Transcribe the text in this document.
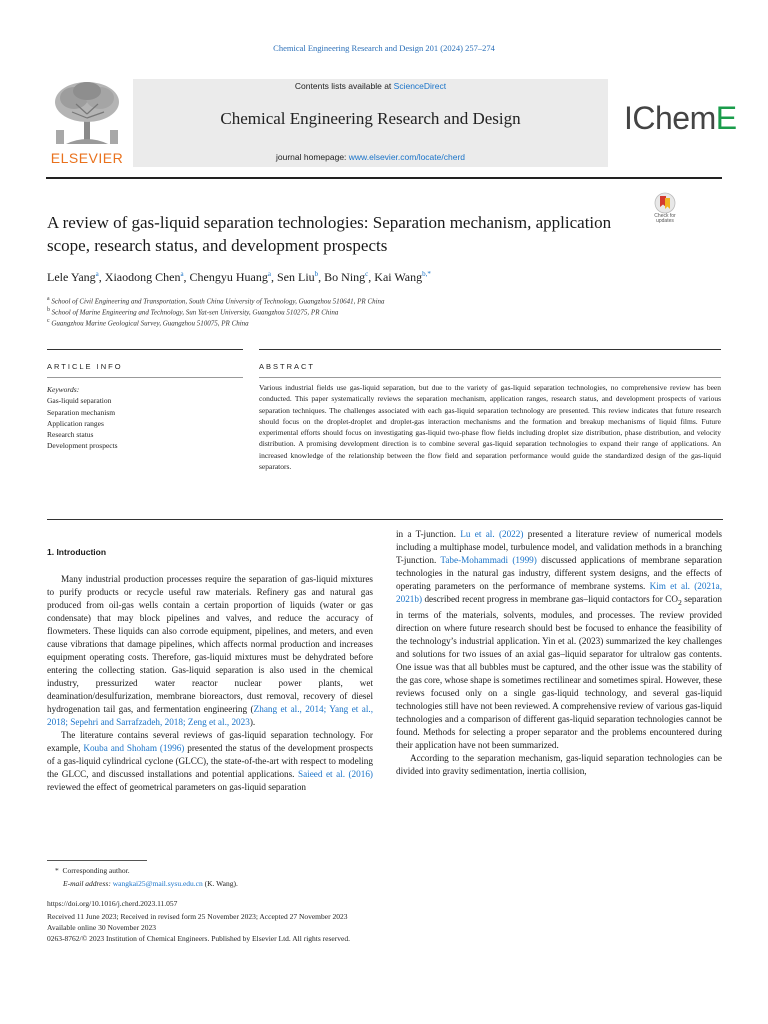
Chemical Engineering Research and Design 201 (2024) 257–274
ELSEVIER
Contents lists available at ScienceDirect
Chemical Engineering Research and Design
journal homepage: www.elsevier.com/locate/cherd
IChemE
Check for updates
A review of gas-liquid separation technologies: Separation mechanism, application scope, research status, and development prospects
Lele Yang$^a$, Xiaodong Chen$^a$, Chengyu Huang$^a$, Sen Liu$^b$, Bo Ning$^c$, Kai Wang$^{b,*}$
$^a$ School of Civil Engineering and Transportation, South China University of Technology, Guangzhou 510641, PR China
$^b$ School of Marine Engineering and Technology, Sun Yat-sen University, Guangzhou 510275, PR China
$^c$ Guangzhou Marine Geological Survey, Guangzhou 510075, PR China
ARTICLE INFO	ABSTRACT
Keywords:
Gas-liquid separation
Separation mechanism
Application ranges
Research status
Development prospects
Various industrial fields use gas-liquid separation, but due to the variety of gas-liquid separation technologies, no comprehensive review has been conducted. This paper systematically reviews the separation mechanism, application ranges, research status, and development prospects of various separation techniques. The challenges associated with each gas-liquid separation technology are presented. This review indicates that future research should focus on the droplet-droplet and droplet-gas interaction mechanisms and the formation and breakup mechanisms of liquid films. Future experimental efforts should focus on investigating gas-liquid two-phase flow fields including droplet size distribution, phase distribution, and velocity distribution. A promising development direction is to combine several gas-liquid separation technologies to expand their range of applications. An increased knowledge of the relationship between the flow field and separation performance would guide the standardized design of the gas-liquid separators.
1. Introduction

Many industrial production processes require the separation of gas-liquid mixtures to purify products or recycle useful raw materials. Refinery gas and natural gas produced from oil-gas wells contain a certain proportion of liquids (water or gas condensate) that may block pipelines and valves, and reduce the accuracy of flowmeters. These liquids can also corrode equipment, pipelines, and meters, and even cause vibrations that damage pipelines, which affects normal production and increases equipment operating costs. Therefore, gas-liquid mixtures must be dehydrated before entering the collecting station. Gas-liquid separation is also used in the chemical industry, pressurized water reactor nuclear power plants, wet deamination/desulfurization, membrane bioreactors, dust removal, recovery of diesel hydrogenation tail gas, and fermentation engineering (Zhang et al., 2014; Yang et al., 2018; Sepehri and Sarrafzadeh, 2018; Zeng et al., 2023).

The literature contains several reviews of gas-liquid separation technology. For example, Kouba and Shoham (1996) presented the status of the development prospects of a gas-liquid cylindrical cyclone (GLCC), the state-of-the-art with respect to modeling the GLCC, and discussed installations and potential applications. Saieed et al. (2016) reviewed the effect of geometrical parameters on gas-liquid separation

in a T-junction. Lu et al. (2022) presented a literature review of numerical models including a multiphase model, turbulence model, and validation methods in a branching T-junction. Tabe-Mohammadi (1999) discussed applications of membrane separation technologies in the natural gas industry, different system designs, and the effects of operating parameters on the performance of membrane systems. Kim et al. (2021a, 2021b) described recent progress in membrane gas–liquid contactors for $CO_2$ separation in terms of the materials, solvents, modules, and processes. The review provided direction on where future research should best be focused to enhance the feasibility of the technology’s industrial application. Yin et al. (2023) summarized the key challenges and solutions for two issues of an axial gas–liquid separator for ultralow gas contents. One issue was that all bubbles must be captured, and the other issue was the stability of the gas core, whose shape is sometimes rectilinear and sometimes spiral. However, these reviews focused only on a single gas-liquid technology, and several gas-liquid technologies still have not been reviewed. A comprehensive review of various gas-liquid technologies and a comparison of different gas-liquid separation technologies cannot be found. Methods for selecting a proper separator and the problems encountered during their application have not been summarized.

According to the separation mechanism, gas-liquid separation technologies can be divided into gravity sedimentation, inertia collision,

* Corresponding author.
E-mail address: wangkai25@mail.sysu.edu.cn (K. Wang).
https://doi.org/10.1016/j.cherd.2023.11.057
Received 11 June 2023; Received in revised form 25 November 2023; Accepted 27 November 2023
Available online 30 November 2023
0263-8762/© 2023 Institution of Chemical Engineers. Published by Elsevier Ltd. All rights reserved.
